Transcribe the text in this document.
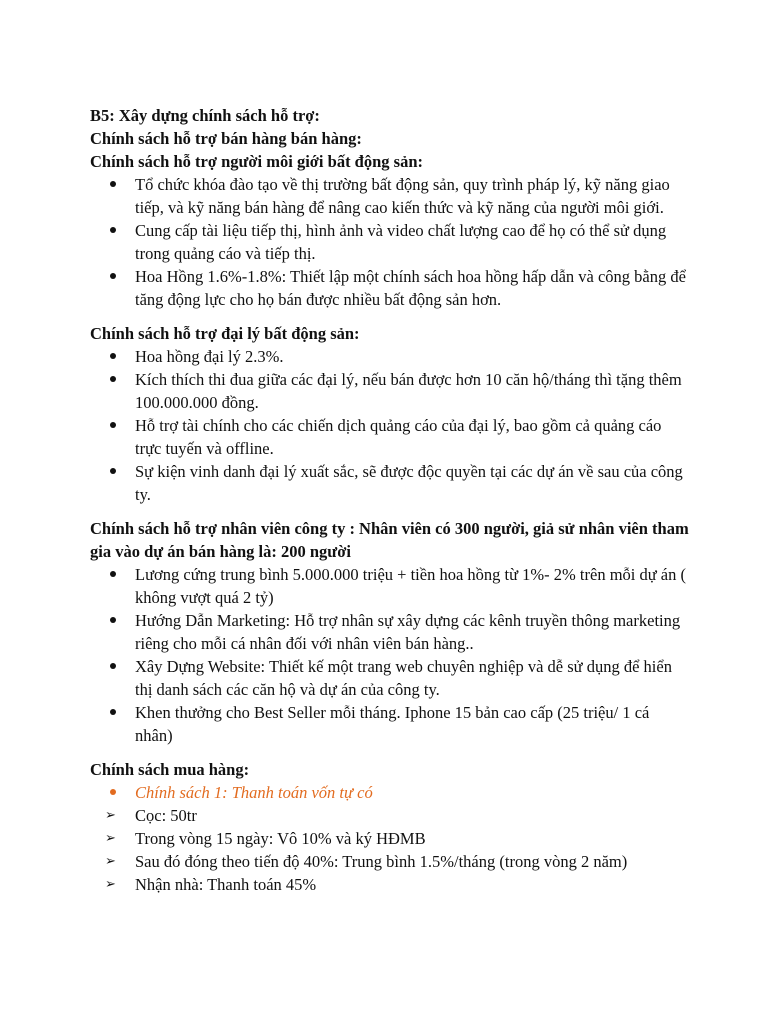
B5: Xây dựng chính sách hỗ trợ:

Chính sách hỗ trợ bán hàng bán hàng:

Chính sách hỗ trợ người môi giới bất động sản:

Tổ chức khóa đào tạo về thị trường bất động sản, quy trình pháp lý, kỹ năng giao tiếp, và kỹ năng bán hàng để nâng cao kiến thức và kỹ năng của người môi giới.
Cung cấp tài liệu tiếp thị, hình ảnh và video chất lượng cao để họ có thể sử dụng trong quảng cáo và tiếp thị.
Hoa Hồng 1.6%-1.8%: Thiết lập một chính sách hoa hồng hấp dẫn và công bằng để tăng động lực cho họ bán được nhiều bất động sản hơn.

Chính sách hỗ trợ đại lý bất động sản:

Hoa hồng đại lý 2.3%.
Kích thích thi đua giữa các đại lý, nếu bán được hơn 10 căn hộ/tháng thì tặng thêm 100.000.000 đồng.
Hỗ trợ tài chính cho các chiến dịch quảng cáo của đại lý, bao gồm cả quảng cáo trực tuyến và offline.
Sự kiện vinh danh đại lý xuất sắc, sẽ được độc quyền tại các dự án về sau của công ty.

Chính sách hỗ trợ nhân viên công ty : Nhân viên có 300 người, giả sử nhân viên tham gia vào dự án bán hàng là: 200 người

Lương cứng trung bình 5.000.000 triệu + tiền hoa hồng từ 1%- 2% trên mỗi dự án ( không vượt quá 2 tỷ)
Hướng Dẫn Marketing: Hỗ trợ nhân sự xây dựng các kênh truyền thông marketing riêng cho mỗi cá nhân đối với nhân viên bán hàng..
Xây Dựng Website: Thiết kế một trang web chuyên nghiệp và dễ sử dụng để hiển thị danh sách các căn hộ và dự án của công ty.
Khen thưởng cho Best Seller mỗi tháng. Iphone 15 bản cao cấp (25 triệu/ 1 cá nhân)

Chính sách mua hàng:

Chính sách 1: Thanh toán vốn tự có
➢	Cọc: 50tr
➢	Trong vòng 15 ngày: Vô 10% và ký HĐMB
➢	Sau đó đóng theo tiến độ 40%: Trung bình 1.5%/tháng (trong vòng 2 năm)
➢	Nhận nhà: Thanh toán 45%
